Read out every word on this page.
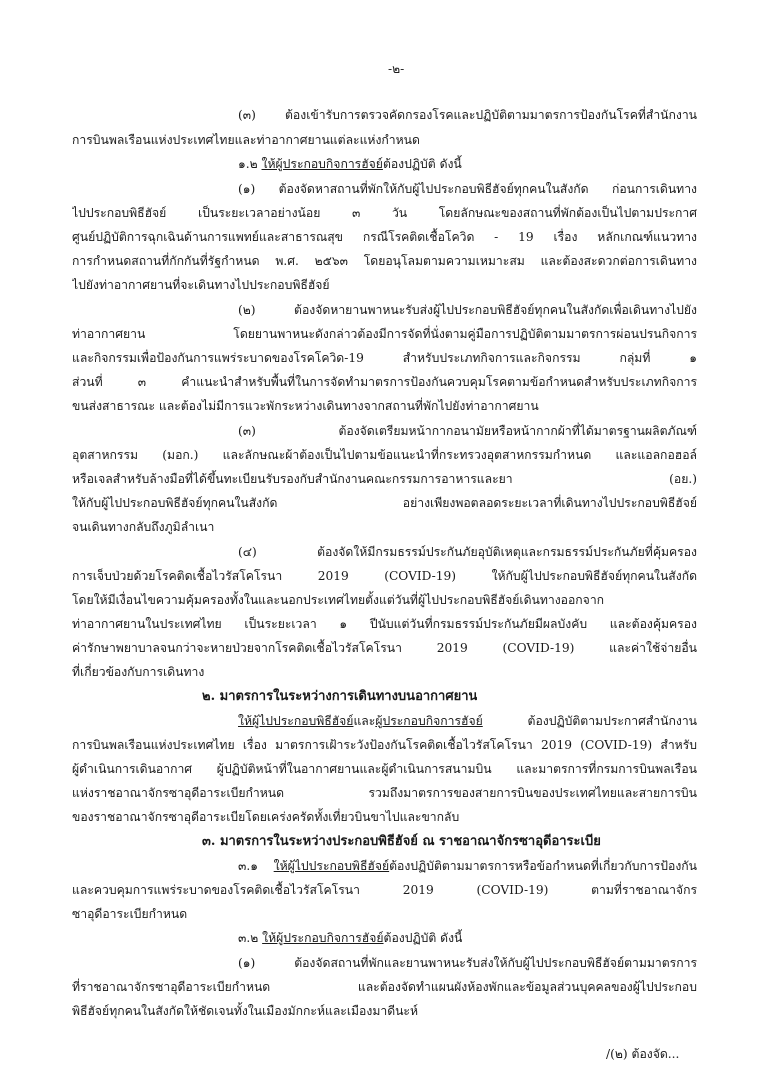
-๒-
(๓) ต้องเข้ารับการตรวจคัดกรองโรคและปฏิบัติตามมาตรการป้องกันโรคที่สำนักงาน
การบินพลเรือนแห่งประเทศไทยและท่าอากาศยานแต่ละแห่งกำหนด
๑.๒ ให้ผู้ประกอบกิจการฮัจย์ต้องปฏิบัติ ดังนี้
(๑) ต้องจัดหาสถานที่พักให้กับผู้ไปประกอบพิธีฮัจย์ทุกคนในสังกัด ก่อนการเดินทาง
ไปประกอบพิธีฮัจย์ เป็นระยะเวลาอย่างน้อย ๓ วัน โดยลักษณะของสถานที่พักต้องเป็นไปตามประกาศ
ศูนย์ปฏิบัติการฉุกเฉินด้านการแพทย์และสาธารณสุข กรณีโรคติดเชื้อโควิด - 19 เรื่อง หลักเกณฑ์แนวทาง
การกำหนดสถานที่กักกันที่รัฐกำหนด พ.ศ. ๒๕๖๓ โดยอนุโลมตามความเหมาะสม และต้องสะดวกต่อการเดินทาง
ไปยังท่าอากาศยานที่จะเดินทางไปประกอบพิธีฮัจย์
(๒) ต้องจัดหายานพาหนะรับส่งผู้ไปประกอบพิธีฮัจย์ทุกคนในสังกัดเพื่อเดินทางไปยัง
ท่าอากาศยาน โดยยานพาหนะดังกล่าวต้องมีการจัดที่นั่งตามคู่มือการปฏิบัติตามมาตรการผ่อนปรนกิจการ
และกิจกรรมเพื่อป้องกันการแพร่ระบาดของโรคโควิด-19 สำหรับประเภทกิจการและกิจกรรม กลุ่มที่ ๑
ส่วนที่ ๓ คำแนะนำสำหรับพื้นที่ในการจัดทำมาตรการป้องกันควบคุมโรคตามข้อกำหนดสำหรับประเภทกิจการ
ขนส่งสาธารณะ และต้องไม่มีการแวะพักระหว่างเดินทางจากสถานที่พักไปยังท่าอากาศยาน
(๓) ต้องจัดเตรียมหน้ากากอนามัยหรือหน้ากากผ้าที่ได้มาตรฐานผลิตภัณฑ์
อุตสาหกรรม (มอก.) และลักษณะผ้าต้องเป็นไปตามข้อแนะนำที่กระทรวงอุตสาหกรรมกำหนด และแอลกอฮอล์
หรือเจลสำหรับล้างมือที่ได้ขึ้นทะเบียนรับรองกับสำนักงานคณะกรรมการอาหารและยา (อย.)
ให้กับผู้ไปประกอบพิธีฮัจย์ทุกคนในสังกัด อย่างเพียงพอตลอดระยะเวลาที่เดินทางไปประกอบพิธีฮัจย์
จนเดินทางกลับถึงภูมิลำเนา
(๔) ต้องจัดให้มีกรมธรรม์ประกันภัยอุบัติเหตุและกรมธรรม์ประกันภัยที่คุ้มครอง
การเจ็บป่วยด้วยโรคติดเชื้อไวรัสโคโรนา 2019 (COVID-19) ให้กับผู้ไปประกอบพิธีฮัจย์ทุกคนในสังกัด
โดยให้มีเงื่อนไขความคุ้มครองทั้งในและนอกประเทศไทยตั้งแต่วันที่ผู้ไปประกอบพิธีฮัจย์เดินทางออกจาก
ท่าอากาศยานในประเทศไทย เป็นระยะเวลา ๑ ปีนับแต่วันที่กรมธรรม์ประกันภัยมีผลบังคับ และต้องคุ้มครอง
ค่ารักษาพยาบาลจนกว่าจะหายป่วยจากโรคติดเชื้อไวรัสโคโรนา 2019 (COVID-19) และค่าใช้จ่ายอื่น
ที่เกี่ยวข้องกับการเดินทาง
๒. มาตรการในระหว่างการเดินทางบนอากาศยาน
ให้ผู้ไปประกอบพิธีฮัจย์และผู้ประกอบกิจการฮัจย์ ต้องปฏิบัติตามประกาศสำนักงาน
การบินพลเรือนแห่งประเทศไทย เรื่อง มาตรการเฝ้าระวังป้องกันโรคติดเชื้อไวรัสโคโรนา 2019 (COVID-19) สำหรับ
ผู้ดำเนินการเดินอากาศ ผู้ปฏิบัติหน้าที่ในอากาศยานและผู้ดำเนินการสนามบิน และมาตรการที่กรมการบินพลเรือน
แห่งราชอาณาจักรซาอุดีอาระเบียกำหนด รวมถึงมาตรการของสายการบินของประเทศไทยและสายการบิน
ของราชอาณาจักรซาอุดีอาระเบียโดยเคร่งครัดทั้งเที่ยวบินขาไปและขากลับ
๓. มาตรการในระหว่างประกอบพิธีฮัจย์ ณ ราชอาณาจักรซาอุดีอาระเบีย
๓.๑ ให้ผู้ไปประกอบพิธีฮัจย์ต้องปฏิบัติตามมาตรการหรือข้อกำหนดที่เกี่ยวกับการป้องกัน
และควบคุมการแพร่ระบาดของโรคติดเชื้อไวรัสโคโรนา 2019 (COVID-19) ตามที่ราชอาณาจักร
ซาอุดีอาระเบียกำหนด
๓.๒ ให้ผู้ประกอบกิจการฮัจย์ต้องปฏิบัติ ดังนี้
(๑) ต้องจัดสถานที่พักและยานพาหนะรับส่งให้กับผู้ไปประกอบพิธีฮัจย์ตามมาตรการ
ที่ราชอาณาจักรซาอุดีอาระเบียกำหนด และต้องจัดทำแผนผังห้องพักและข้อมูลส่วนบุคคลของผู้ไปประกอบ
พิธีฮัจย์ทุกคนในสังกัดให้ชัดเจนทั้งในเมืองมักกะห์และเมืองมาดีนะห์
/(๒) ต้องจัด...
